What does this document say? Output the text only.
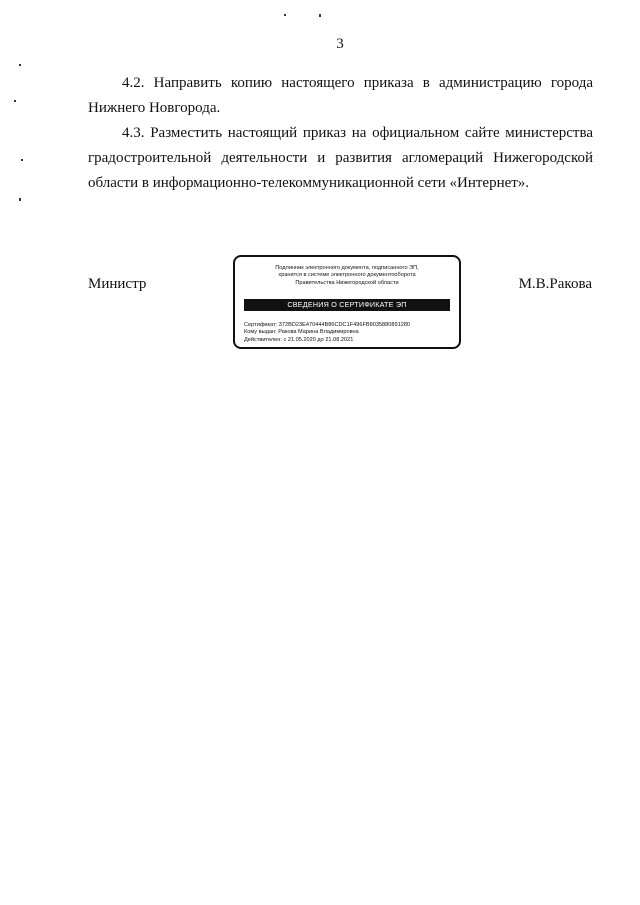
3
4.2. Направить копию настоящего приказа в администрацию города Нижнего Новгорода.
4.3. Разместить настоящий приказ на официальном сайте министерства градостроительной деятельности и развития агломераций Нижегородской области в информационно-телекоммуникационной сети «Интернет».
Министр
Подлинник электронного документа, подписанного ЭП,
хранится в системе электронного документооборота
Правительства Нижегородской области
СВЕДЕНИЯ О СЕРТИФИКАТЕ ЭП
Сертификат: 372BD23E470444B86CDC1F496FB8035880891280
Кому выдан: Ракова Марина Владимировна
Действителен: с 21.05.2020 до 21.08.2021
М.В.Ракова
